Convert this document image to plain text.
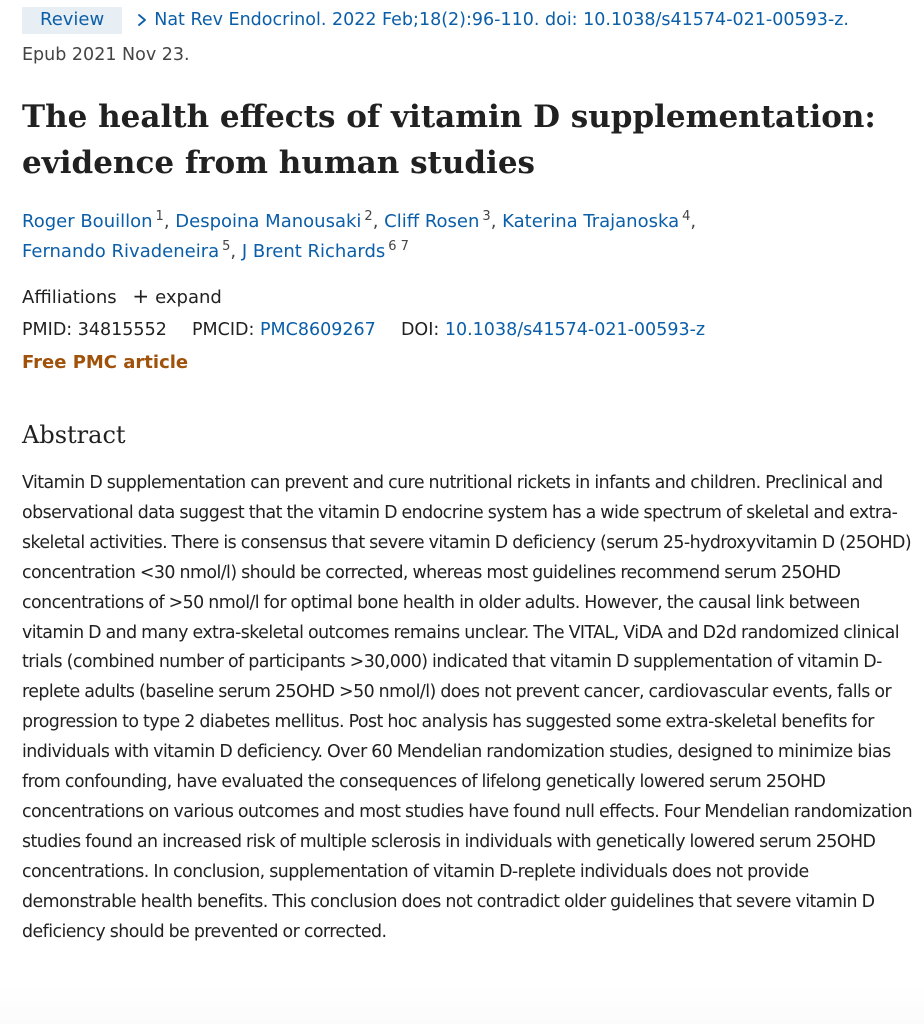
Review	Nat Rev Endocrinol. 2022 Feb;18(2):96-110. doi: 10.1038/s41574-021-00593-z.
Epub 2021 Nov 23.
The health effects of vitamin D supplementation: evidence from human studies
Roger Bouillon $^1$, Despoina Manousaki $^2$, Cliff Rosen $^3$, Katerina Trajanoska $^4$,
Fernando Rivadeneira $^5$, J Brent Richards $^{6 7}$
Affiliations + expand
PMID: 34815552 PMCID: PMC8609267 DOI: 10.1038/s41574-021-00593-z
Free PMC article
Abstract

Vitamin D supplementation can prevent and cure nutritional rickets in infants and children. Preclinical and observational data suggest that the vitamin D endocrine system has a wide spectrum of skeletal and extra-skeletal activities. There is consensus that severe vitamin D deficiency (serum 25-hydroxyvitamin D (25OHD) concentration <30 nmol/l) should be corrected, whereas most guidelines recommend serum 25OHD concentrations of >50 nmol/l for optimal bone health in older adults. However, the causal link between vitamin D and many extra-skeletal outcomes remains unclear. The VITAL, ViDA and D2d randomized clinical trials (combined number of participants >30,000) indicated that vitamin D supplementation of vitamin D-replete adults (baseline serum 25OHD >50 nmol/l) does not prevent cancer, cardiovascular events, falls or progression to type 2 diabetes mellitus. Post hoc analysis has suggested some extra-skeletal benefits for individuals with vitamin D deficiency. Over 60 Mendelian randomization studies, designed to minimize bias from confounding, have evaluated the consequences of lifelong genetically lowered serum 25OHD concentrations on various outcomes and most studies have found null effects. Four Mendelian randomization studies found an increased risk of multiple sclerosis in individuals with genetically lowered serum 25OHD concentrations. In conclusion, supplementation of vitamin D-replete individuals does not provide demonstrable health benefits. This conclusion does not contradict older guidelines that severe vitamin D deficiency should be prevented or corrected.
